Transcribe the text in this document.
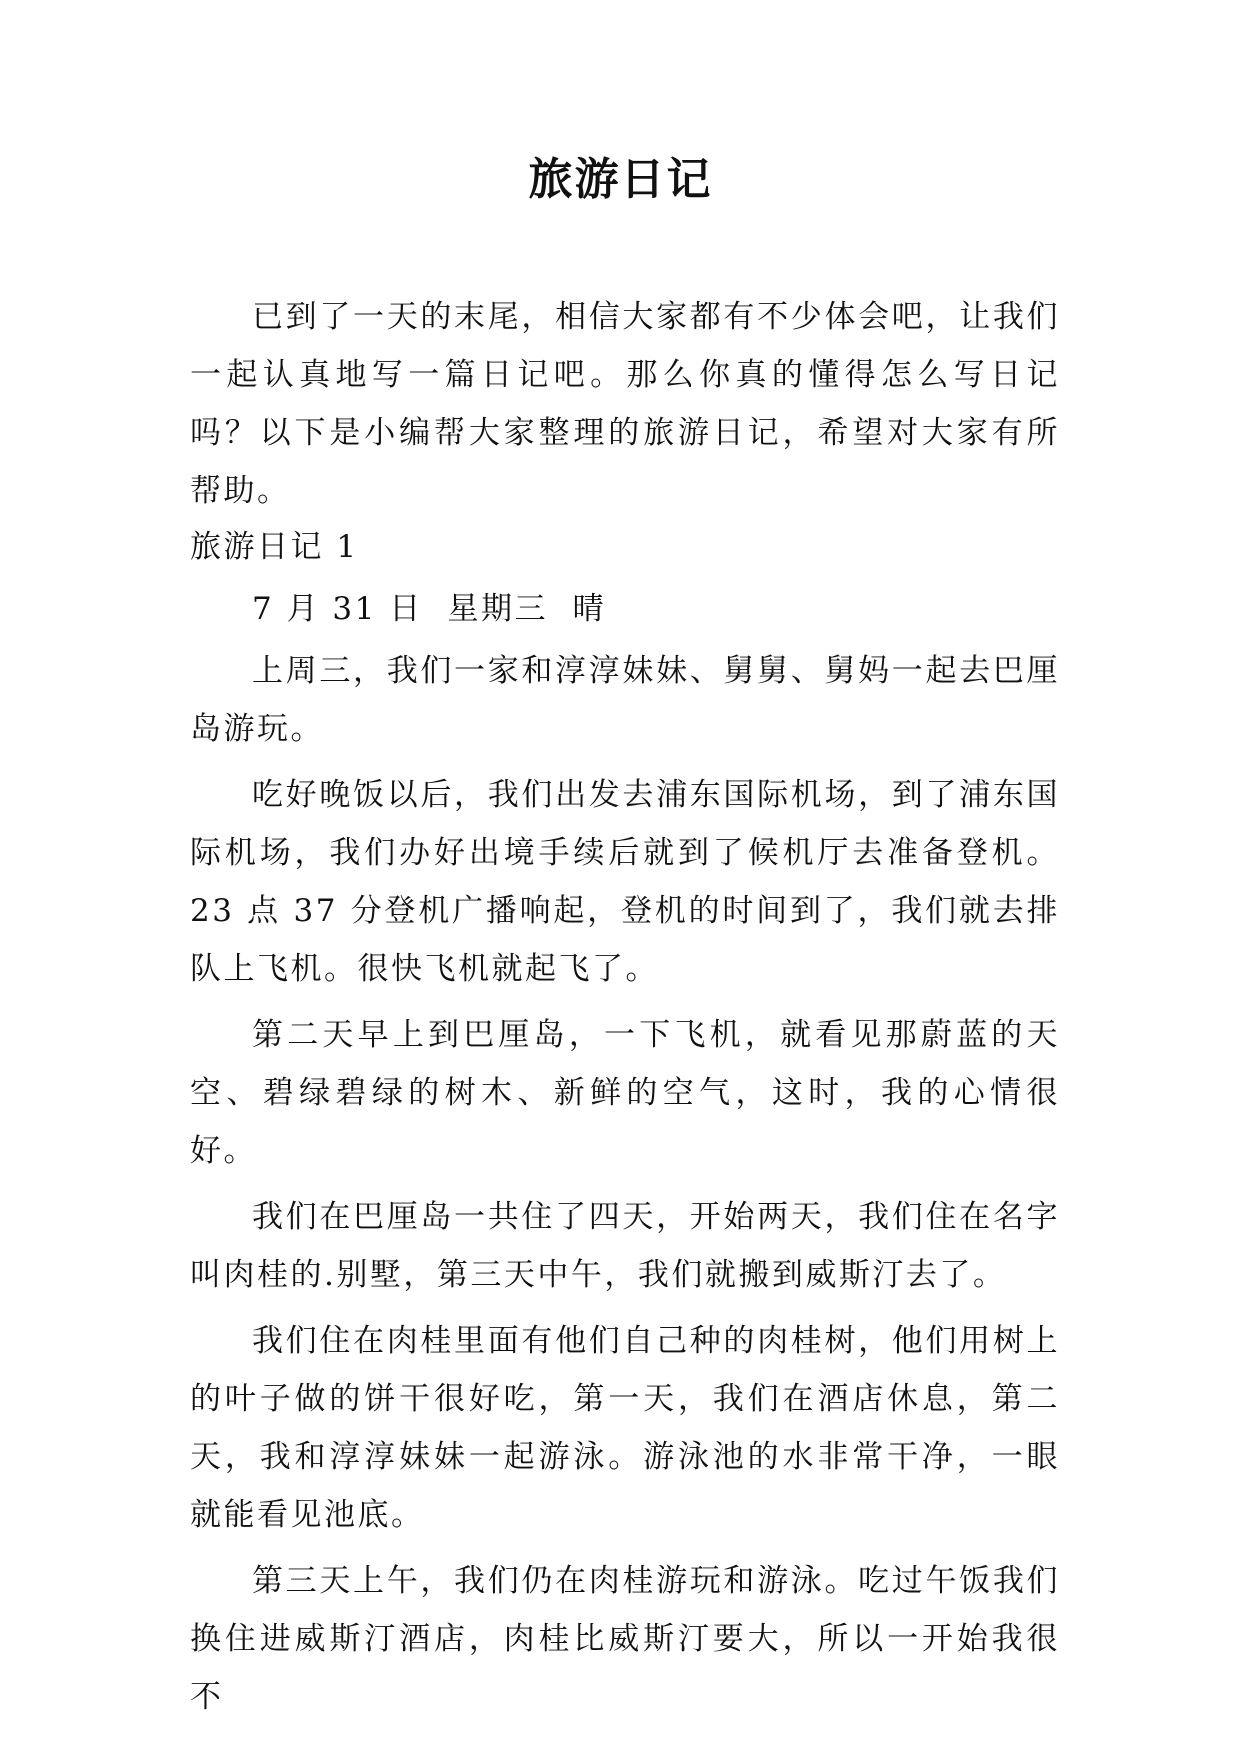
旅游日记

已到了一天的末尾，相信大家都有不少体会吧，让我们一起认真地写一篇日记吧。那么你真的懂得怎么写日记吗？以下是小编帮大家整理的旅游日记，希望对大家有所帮助。

旅游日记 1

7 月 31 日  星期三  晴

上周三，我们一家和淳淳妹妹、舅舅、舅妈一起去巴厘岛游玩。

吃好晚饭以后，我们出发去浦东国际机场，到了浦东国际机场，我们办好出境手续后就到了候机厅去准备登机。23 点 37 分登机广播响起，登机的时间到了，我们就去排队上飞机。很快飞机就起飞了。

第二天早上到巴厘岛，一下飞机，就看见那蔚蓝的天空、碧绿碧绿的树木、新鲜的空气，这时，我的心情很好。

我们在巴厘岛一共住了四天，开始两天，我们住在名字叫肉桂的.别墅，第三天中午，我们就搬到威斯汀去了。

我们住在肉桂里面有他们自己种的肉桂树，他们用树上的叶子做的饼干很好吃，第一天，我们在酒店休息，第二天，我和淳淳妹妹一起游泳。游泳池的水非常干净，一眼就能看见池底。

第三天上午，我们仍在肉桂游玩和游泳。吃过午饭我们换住进威斯汀酒店，肉桂比威斯汀要大，所以一开始我很不
